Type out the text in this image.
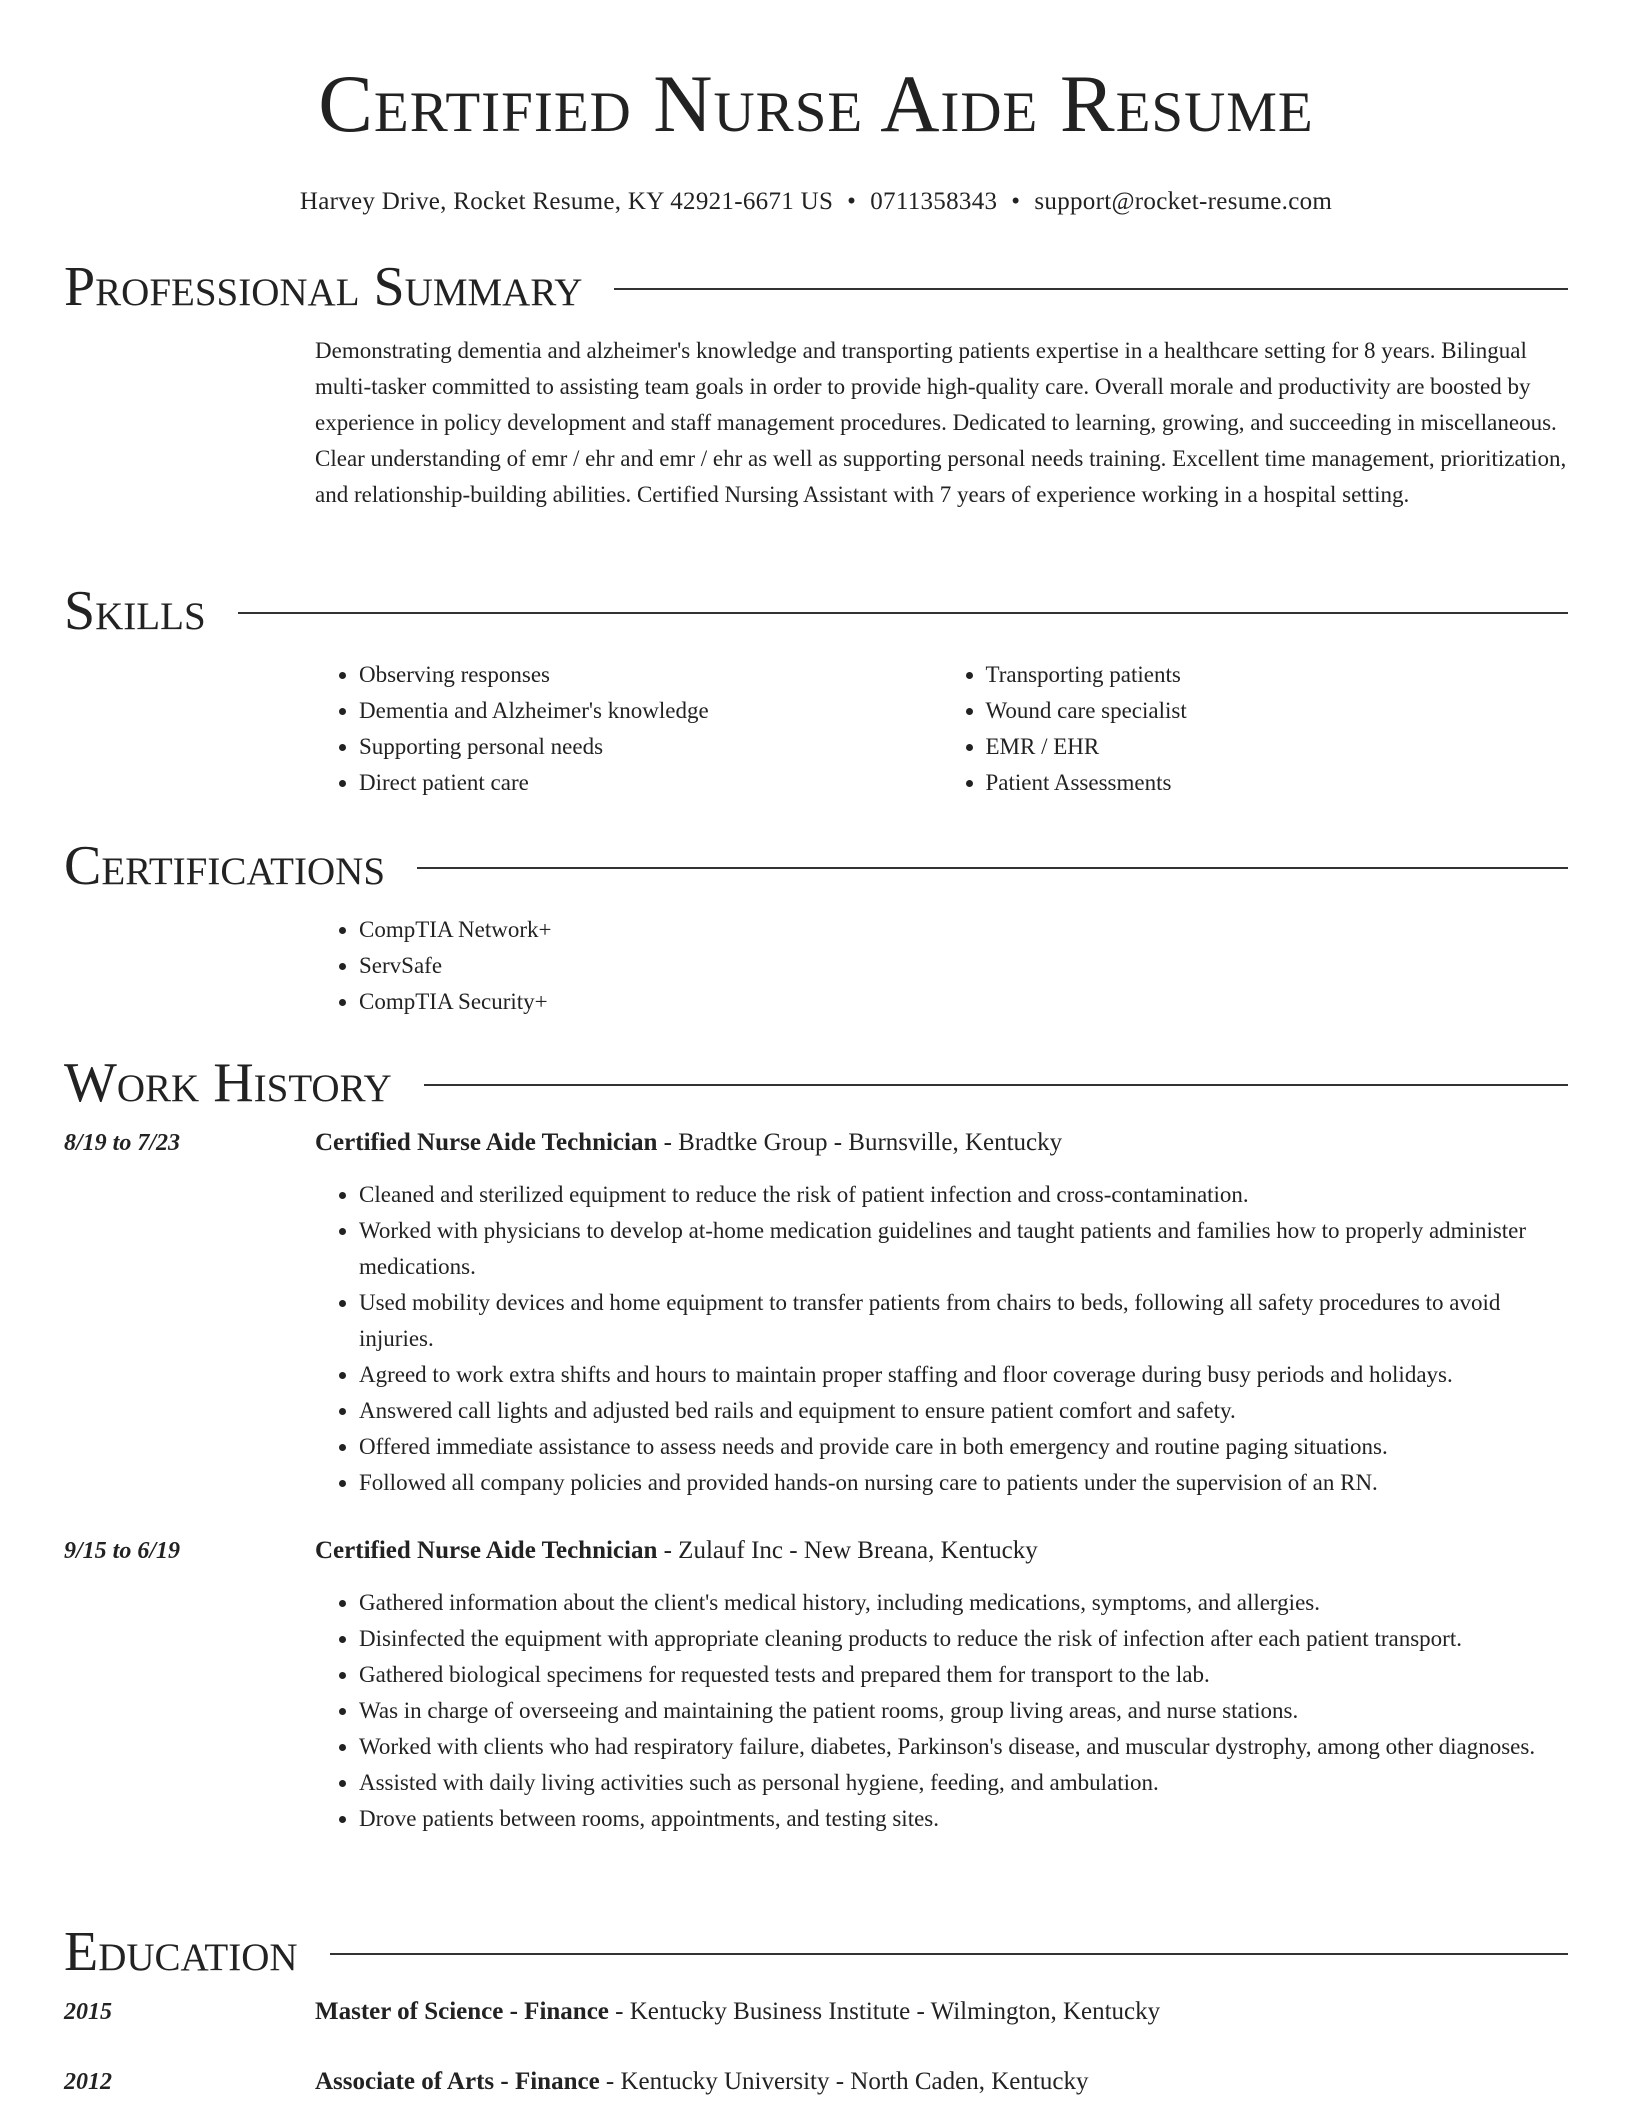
Certified Nurse Aide Resume
Harvey Drive, Rocket Resume, KY 42921-6671 US • 0711358343 • support@rocket-resume.com
Professional Summary

Demonstrating dementia and alzheimer's knowledge and transporting patients expertise in a healthcare setting for 8 years. Bilingual multi-tasker committed to assisting team goals in order to provide high-quality care. Overall morale and productivity are boosted by experience in policy development and staff management procedures. Dedicated to learning, growing, and succeeding in miscellaneous. Clear understanding of emr / ehr and emr / ehr as well as supporting personal needs training. Excellent time management, prioritization, and relationship-building abilities. Certified Nursing Assistant with 7 years of experience working in a hospital setting.

Skills
• Observing responses
• Dementia and Alzheimer's knowledge
• Supporting personal needs
• Direct patient care
• Transporting patients
• Wound care specialist
• EMR / EHR
• Patient Assessments
Certifications
• CompTIA Network+
• ServSafe
• CompTIA Security+
Work History
8/19 to 7/23	Certified Nurse Aide Technician - Bradtke Group - Burnsville, Kentucky
• Cleaned and sterilized equipment to reduce the risk of patient infection and cross-contamination.
• Worked with physicians to develop at-home medication guidelines and taught patients and families how to properly administer medications.
• Used mobility devices and home equipment to transfer patients from chairs to beds, following all safety procedures to avoid injuries.
• Agreed to work extra shifts and hours to maintain proper staffing and floor coverage during busy periods and holidays.
• Answered call lights and adjusted bed rails and equipment to ensure patient comfort and safety.
• Offered immediate assistance to assess needs and provide care in both emergency and routine paging situations.
• Followed all company policies and provided hands-on nursing care to patients under the supervision of an RN.
9/15 to 6/19	Certified Nurse Aide Technician - Zulauf Inc - New Breana, Kentucky
• Gathered information about the client's medical history, including medications, symptoms, and allergies.
• Disinfected the equipment with appropriate cleaning products to reduce the risk of infection after each patient transport.
• Gathered biological specimens for requested tests and prepared them for transport to the lab.
• Was in charge of overseeing and maintaining the patient rooms, group living areas, and nurse stations.
• Worked with clients who had respiratory failure, diabetes, Parkinson's disease, and muscular dystrophy, among other diagnoses.
• Assisted with daily living activities such as personal hygiene, feeding, and ambulation.
• Drove patients between rooms, appointments, and testing sites.
Education
2015	Master of Science - Finance - Kentucky Business Institute - Wilmington, Kentucky
2012	Associate of Arts - Finance - Kentucky University - North Caden, Kentucky
